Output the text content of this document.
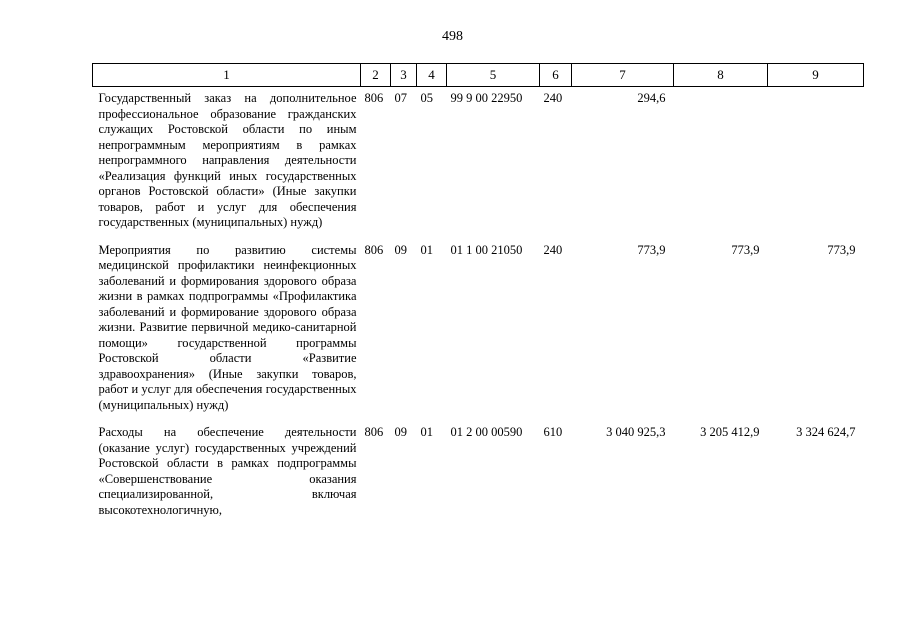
498
1	2	3	4	5	6	7	8	9
Государственный заказ на дополнительное профессиональное образование гражданских служащих Ростовской области по иным непрограммным мероприятиям в рамках непрограммного направления деятельности «Реализация функций иных государственных органов Ростовской области» (Иные закупки товаров, работ и услуг для обеспечения государственных (муниципальных) нужд)	806	07	05	99 9 00 22950	240	294,6		
Мероприятия по развитию системы медицинской профилактики неинфекционных заболеваний и формирования здорового образа жизни в рамках подпрограммы «Профилактика заболеваний и формирование здорового образа жизни. Развитие первичной медико-санитарной помощи» государственной программы Ростовской области «Развитие здравоохранения» (Иные закупки товаров, работ и услуг для обеспечения государственных (муниципальных) нужд)	806	09	01	01 1 00 21050	240	773,9	773,9	773,9
Расходы на обеспечение деятельности (оказание услуг) государственных учреждений Ростовской области в рамках подпрограммы «Совершенствование оказания специализированной, включая высокотехнологичную,	806	09	01	01 2 00 00590	610	3 040 925,3	3 205 412,9	3 324 624,7
